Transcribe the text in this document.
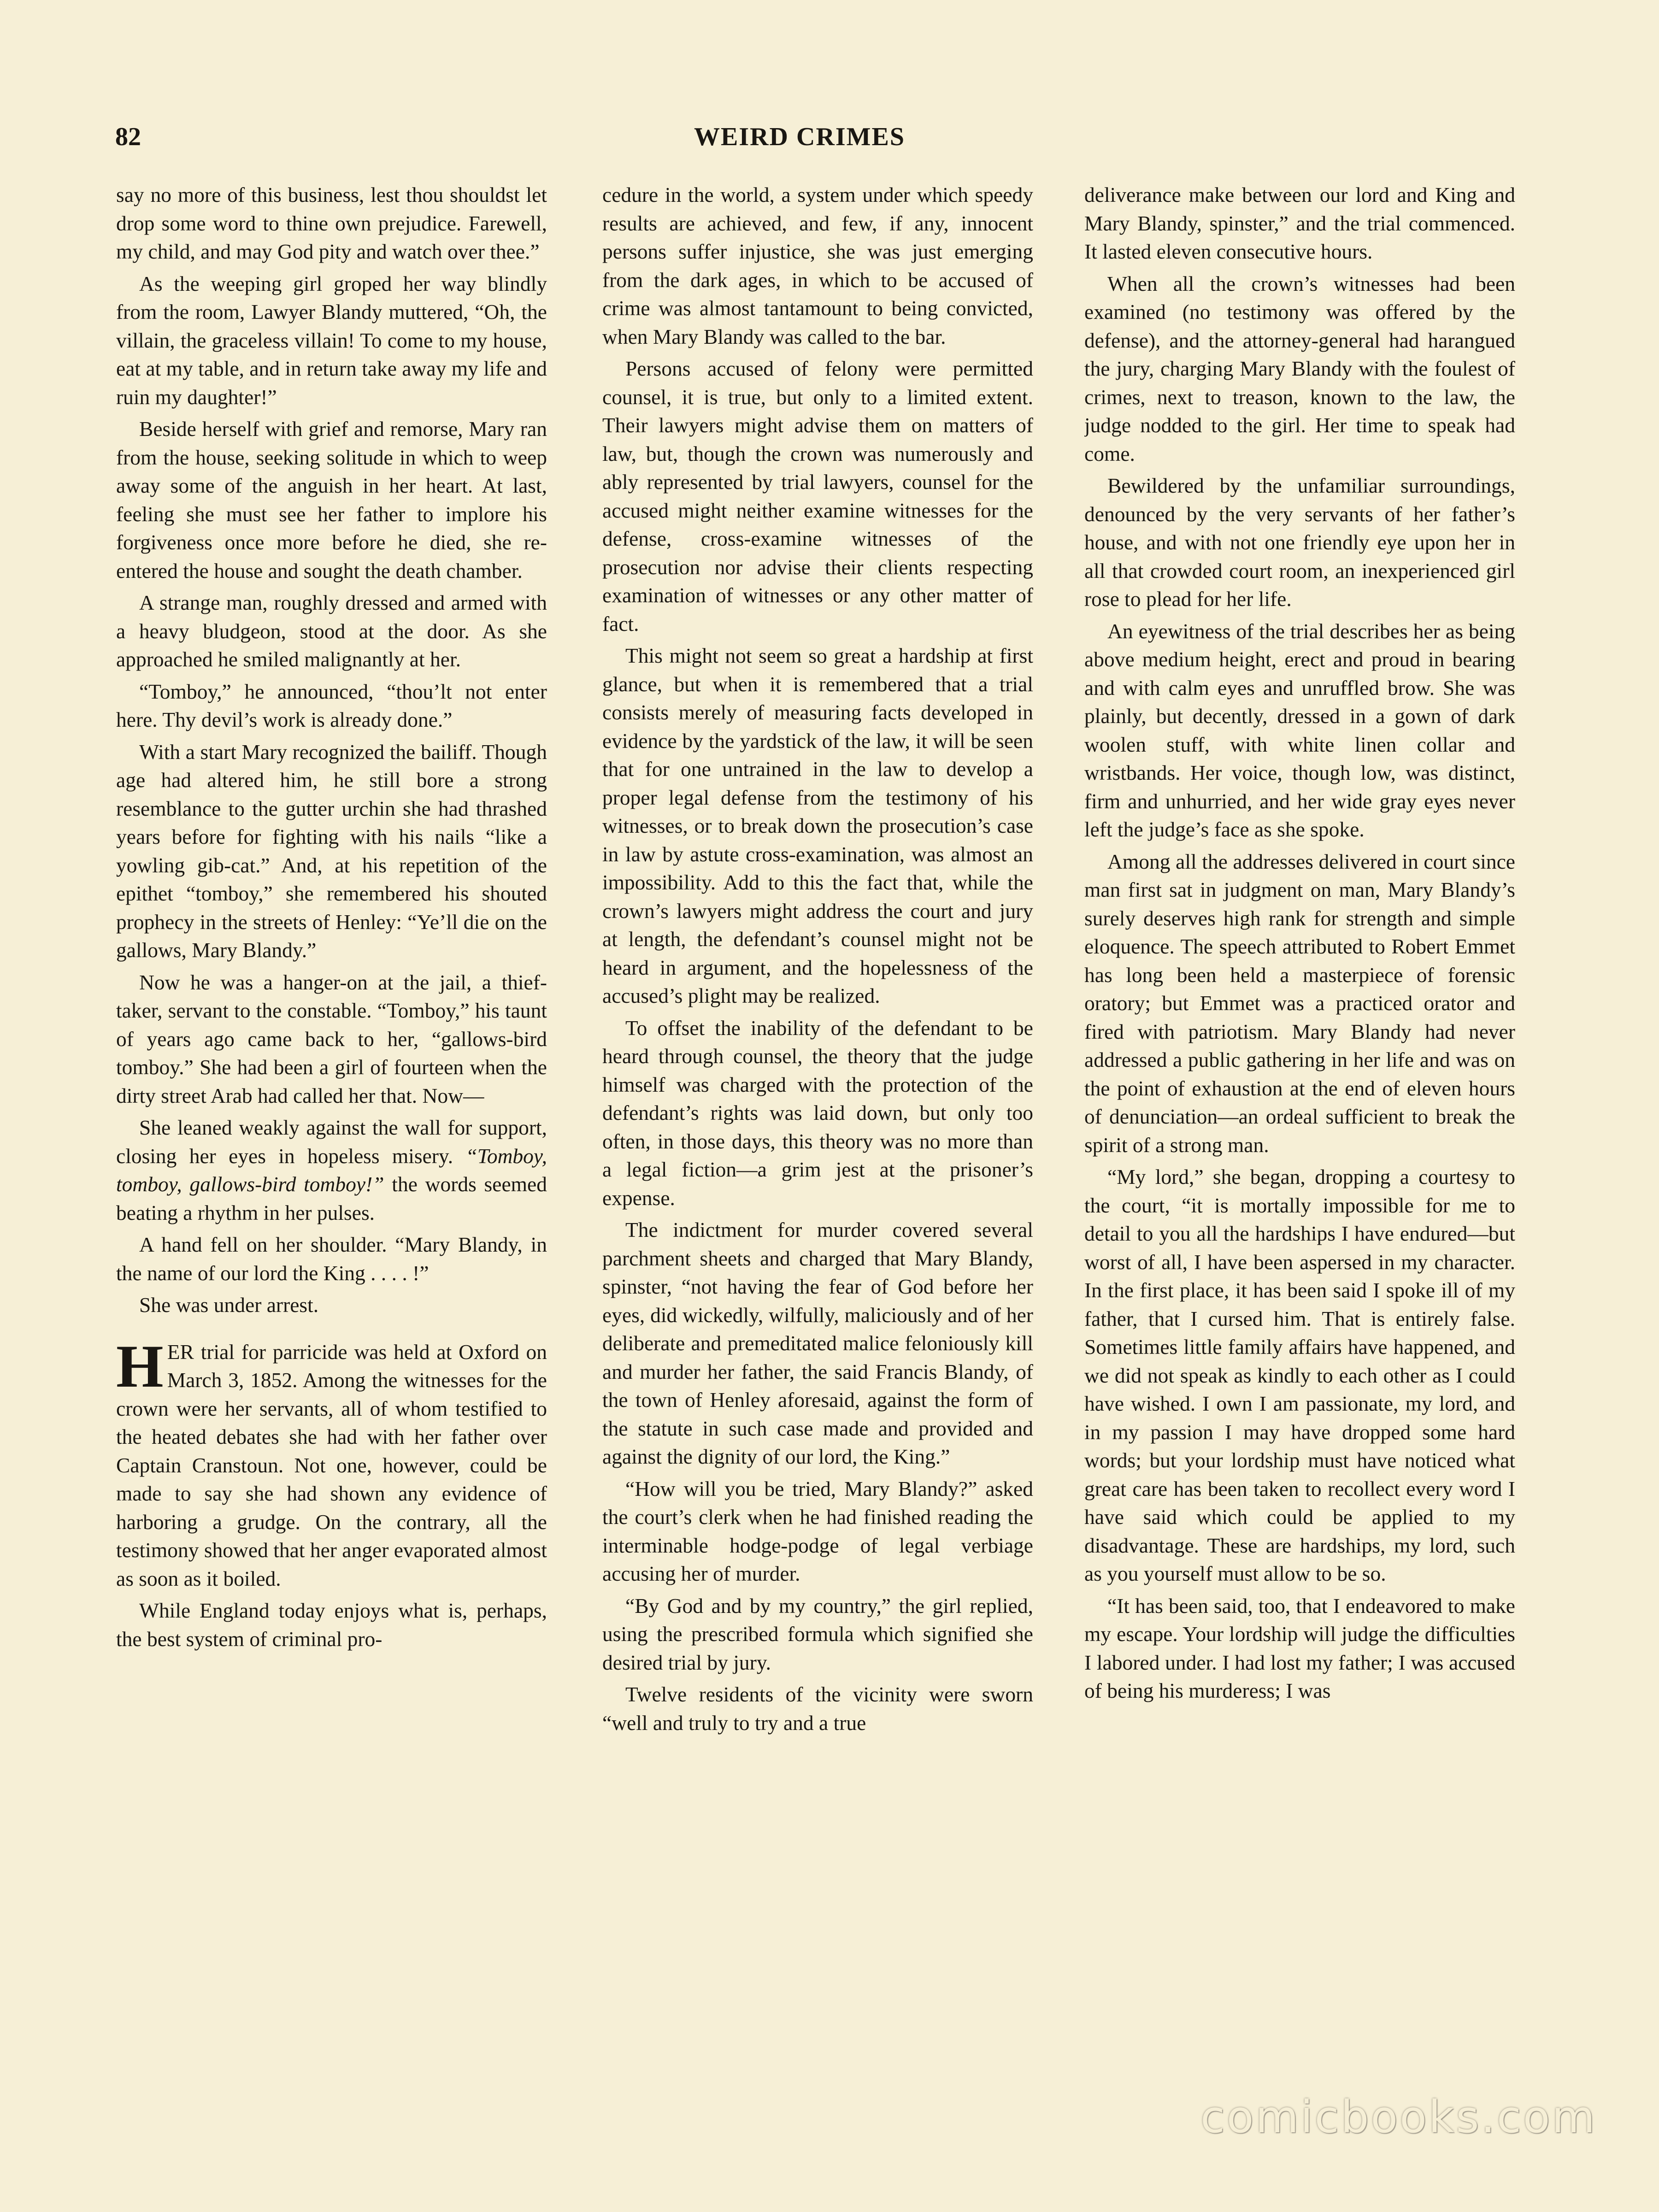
82	WEIRD CRIMES

say no more of this business, lest thou shouldst let drop some word to thine own prejudice. Farewell, my child, and may God pity and watch over thee.”

As the weeping girl groped her way blindly from the room, Lawyer Blandy muttered, “Oh, the villain, the graceless villain! To come to my house, eat at my table, and in return take away my life and ruin my daughter!”

Beside herself with grief and remorse, Mary ran from the house, seeking solitude in which to weep away some of the anguish in her heart. At last, feeling she must see her father to implore his forgiveness once more before he died, she re-entered the house and sought the death chamber.

A strange man, roughly dressed and armed with a heavy bludgeon, stood at the door. As she approached he smiled malignantly at her.

“Tomboy,” he announced, “thou’lt not enter here. Thy devil’s work is already done.”

With a start Mary recognized the bailiff. Though age had altered him, he still bore a strong resemblance to the gutter urchin she had thrashed years before for fighting with his nails “like a yowling gib-cat.” And, at his repetition of the epithet “tomboy,” she remembered his shouted prophecy in the streets of Henley: “Ye’ll die on the gallows, Mary Blandy.”

Now he was a hanger-on at the jail, a thief-taker, servant to the constable. “Tomboy,” his taunt of years ago came back to her, “gallows-bird tomboy.” She had been a girl of fourteen when the dirty street Arab had called her that. Now—

She leaned weakly against the wall for support, closing her eyes in hopeless misery. “Tomboy, tomboy, gallows-bird tomboy!” the words seemed beating a rhythm in her pulses.

A hand fell on her shoulder. “Mary Blandy, in the name of our lord the King . . . . !”

She was under arrest.

HER trial for parricide was held at Oxford on March 3, 1852. Among the witnesses for the crown were her servants, all of whom testified to the heated debates she had with her father over Captain Cranstoun. Not one, however, could be made to say she had shown any evidence of harboring a grudge. On the contrary, all the testimony showed that her anger evaporated almost as soon as it boiled.

While England today enjoys what is, perhaps, the best system of criminal pro-

cedure in the world, a system under which speedy results are achieved, and few, if any, innocent persons suffer injustice, she was just emerging from the dark ages, in which to be accused of crime was almost tantamount to being convicted, when Mary Blandy was called to the bar.

Persons accused of felony were permitted counsel, it is true, but only to a limited extent. Their lawyers might advise them on matters of law, but, though the crown was numerously and ably represented by trial lawyers, counsel for the accused might neither examine witnesses for the defense, cross-examine witnesses of the prosecution nor advise their clients respecting examination of witnesses or any other matter of fact.

This might not seem so great a hardship at first glance, but when it is remembered that a trial consists merely of measuring facts developed in evidence by the yardstick of the law, it will be seen that for one untrained in the law to develop a proper legal defense from the testimony of his witnesses, or to break down the prosecution’s case in law by astute cross-examination, was almost an impossibility. Add to this the fact that, while the crown’s lawyers might address the court and jury at length, the defendant’s counsel might not be heard in argument, and the hopelessness of the accused’s plight may be realized.

To offset the inability of the defendant to be heard through counsel, the theory that the judge himself was charged with the protection of the defendant’s rights was laid down, but only too often, in those days, this theory was no more than a legal fiction—a grim jest at the prisoner’s expense.

The indictment for murder covered several parchment sheets and charged that Mary Blandy, spinster, “not having the fear of God before her eyes, did wickedly, wilfully, maliciously and of her deliberate and premeditated malice feloniously kill and murder her father, the said Francis Blandy, of the town of Henley aforesaid, against the form of the statute in such case made and provided and against the dignity of our lord, the King.”

“How will you be tried, Mary Blandy?” asked the court’s clerk when he had finished reading the interminable hodge-podge of legal verbiage accusing her of murder.

“By God and by my country,” the girl replied, using the prescribed formula which signified she desired trial by jury.

Twelve residents of the vicinity were sworn “well and truly to try and a true

deliverance make between our lord and King and Mary Blandy, spinster,” and the trial commenced. It lasted eleven consecutive hours.

When all the crown’s witnesses had been examined (no testimony was offered by the defense), and the attorney-general had harangued the jury, charging Mary Blandy with the foulest of crimes, next to treason, known to the law, the judge nodded to the girl. Her time to speak had come.

Bewildered by the unfamiliar surroundings, denounced by the very servants of her father’s house, and with not one friendly eye upon her in all that crowded court room, an inexperienced girl rose to plead for her life.

An eyewitness of the trial describes her as being above medium height, erect and proud in bearing and with calm eyes and unruffled brow. She was plainly, but decently, dressed in a gown of dark woolen stuff, with white linen collar and wristbands. Her voice, though low, was distinct, firm and unhurried, and her wide gray eyes never left the judge’s face as she spoke.

Among all the addresses delivered in court since man first sat in judgment on man, Mary Blandy’s surely deserves high rank for strength and simple eloquence. The speech attributed to Robert Emmet has long been held a masterpiece of forensic oratory; but Emmet was a practiced orator and fired with patriotism. Mary Blandy had never addressed a public gathering in her life and was on the point of exhaustion at the end of eleven hours of denunciation—an ordeal sufficient to break the spirit of a strong man.

“My lord,” she began, dropping a courtesy to the court, “it is mortally impossible for me to detail to you all the hardships I have endured—but worst of all, I have been aspersed in my character. In the first place, it has been said I spoke ill of my father, that I cursed him. That is entirely false. Sometimes little family affairs have happened, and we did not speak as kindly to each other as I could have wished. I own I am passionate, my lord, and in my passion I may have dropped some hard words; but your lordship must have noticed what great care has been taken to recollect every word I have said which could be applied to my disadvantage. These are hardships, my lord, such as you yourself must allow to be so.

“It has been said, too, that I endeavored to make my escape. Your lordship will judge the difficulties I labored under. I had lost my father; I was accused of being his murderess; I was

comicbooks.com
